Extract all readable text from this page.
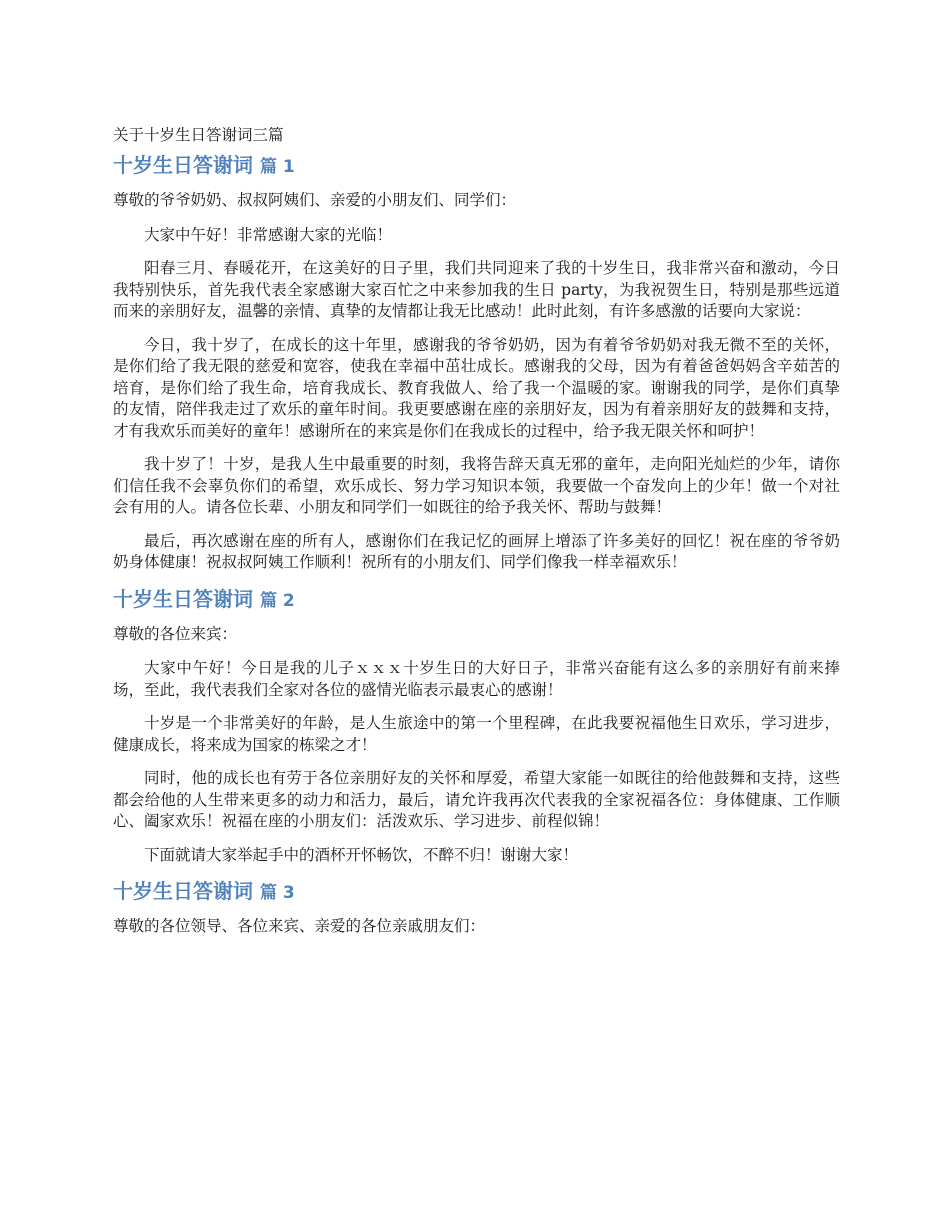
关于十岁生日答谢词三篇
十岁生日答谢词 篇 1

尊敬的爷爷奶奶、叔叔阿姨们、亲爱的小朋友们、同学们：

大家中午好！非常感谢大家的光临！

阳春三月、春暖花开，在这美好的日子里，我们共同迎来了我的十岁生日，我非常兴奋和激动，今日我特别快乐，首先我代表全家感谢大家百忙之中来参加我的生日 party，为我祝贺生日，特别是那些远道而来的亲朋好友，温馨的亲情、真挚的友情都让我无比感动！此时此刻，有许多感激的话要向大家说：

今日，我十岁了，在成长的这十年里，感谢我的爷爷奶奶，因为有着爷爷奶奶对我无微不至的关怀，是你们给了我无限的慈爱和宽容，使我在幸福中茁壮成长。感谢我的父母，因为有着爸爸妈妈含辛茹苦的培育，是你们给了我生命，培育我成长、教育我做人、给了我一个温暖的家。谢谢我的同学，是你们真挚的友情，陪伴我走过了欢乐的童年时间。我更要感谢在座的亲朋好友，因为有着亲朋好友的鼓舞和支持，才有我欢乐而美好的童年！感谢所在的来宾是你们在我成长的过程中，给予我无限关怀和呵护！

我十岁了！十岁，是我人生中最重要的时刻，我将告辞天真无邪的童年，走向阳光灿烂的少年，请你们信任我不会辜负你们的希望，欢乐成长、努力学习知识本领，我要做一个奋发向上的少年！做一个对社会有用的人。请各位长辈、小朋友和同学们一如既往的给予我关怀、帮助与鼓舞！

最后，再次感谢在座的所有人，感谢你们在我记忆的画屏上增添了许多美好的回忆！祝在座的爷爷奶奶身体健康！祝叔叔阿姨工作顺利！祝所有的小朋友们、同学们像我一样幸福欢乐！

十岁生日答谢词 篇 2

尊敬的各位来宾：

大家中午好！今日是我的儿子ｘｘｘ十岁生日的大好日子，非常兴奋能有这么多的亲朋好有前来捧场，至此，我代表我们全家对各位的盛情光临表示最衷心的感谢！

十岁是一个非常美好的年龄，是人生旅途中的第一个里程碑，在此我要祝福他生日欢乐，学习进步，健康成长，将来成为国家的栋梁之才！

同时，他的成长也有劳于各位亲朋好友的关怀和厚爱，希望大家能一如既往的给他鼓舞和支持，这些都会给他的人生带来更多的动力和活力，最后，请允许我再次代表我的全家祝福各位：身体健康、工作顺心、阖家欢乐！祝福在座的小朋友们：活泼欢乐、学习进步、前程似锦！

下面就请大家举起手中的酒杯开怀畅饮，不醉不归！谢谢大家！

十岁生日答谢词 篇 3

尊敬的各位领导、各位来宾、亲爱的各位亲戚朋友们：
